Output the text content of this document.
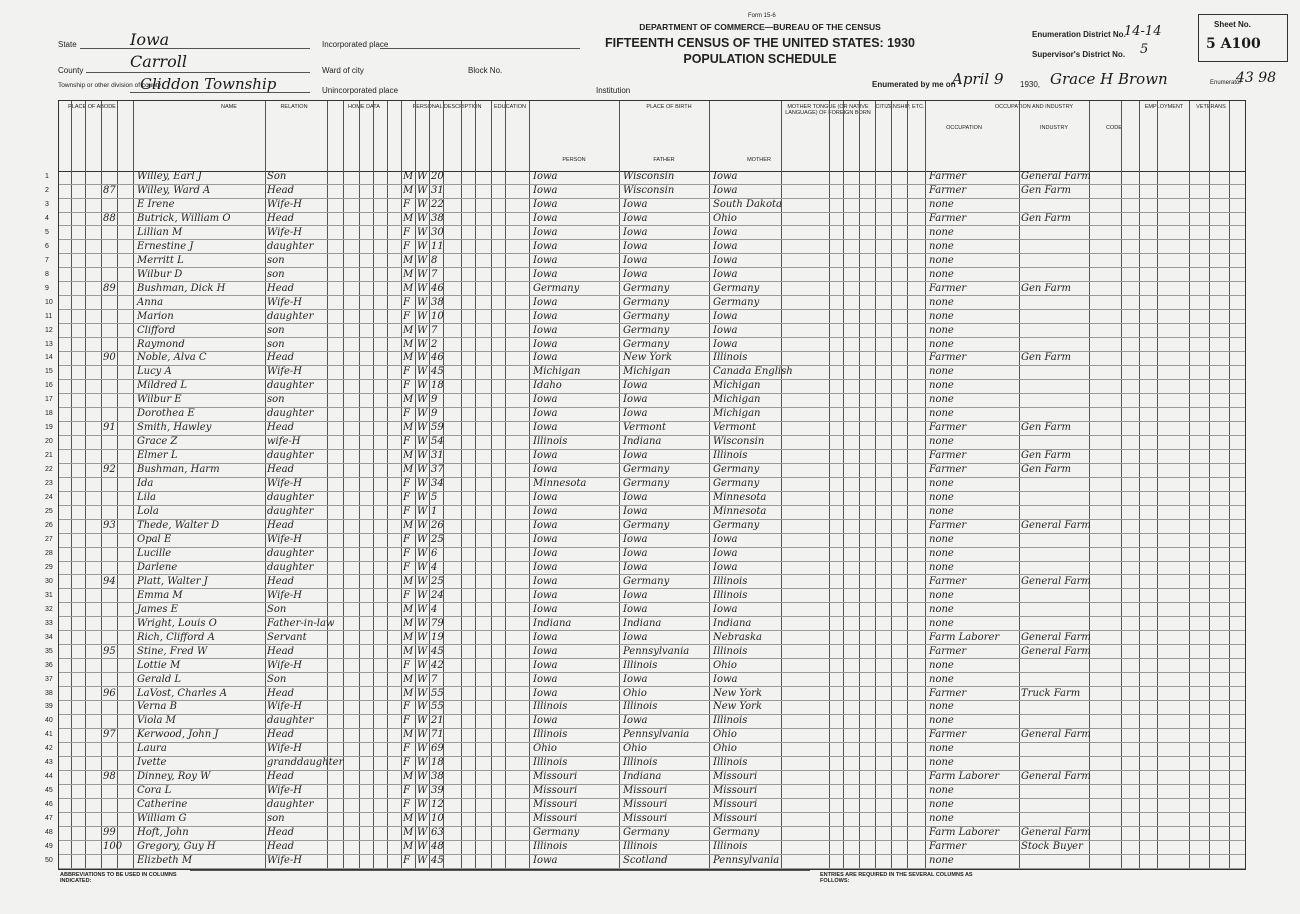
State	Iowa
County	Carroll
Township or other division of county
Gliddon Township
Incorporated place
Ward of city	Block No.
Unincorporated place	Institution
Form 15-6
DEPARTMENT OF COMMERCE—BUREAU OF THE CENSUS
FIFTEENTH CENSUS OF THE UNITED STATES: 1930
POPULATION SCHEDULE
Enumeration District No.
14-14
Supervisor's District No. 5
Enumerated by me on
April 9 1930, Grace H Brown	Enumerator
Sheet No.
5 A100
43 98
PLACE OF ABODE	NAME	RELATION	HOME DATA	PERSONAL DESCRIPTION	EDUCATION	PLACE OF BIRTH
PERSON	FATHER	MOTHER
MOTHER TONGUE (OR NATIVE LANGUAGE) OF FOREIGN BORN
CITIZENSHIP, ETC.	OCCUPATION AND INDUSTRY
OCCUPATION	INDUSTRY	CODE
EMPLOYMENT	VETERANS
1	Willey, Earl J	Son	M W 20	Iowa	Wisconsin	Iowa	Farmer	General Farm
2	87 Willey, Ward A	Head	M W 31	Iowa	Wisconsin	Iowa	Farmer	Gen Farm
3	E Irene	Wife-H	F W 22	Iowa	Iowa	South Dakota	none
4	88 Butrick, William O	Head	M W 38	Iowa	Iowa	Ohio	Farmer	Gen Farm
5	Lillian M	Wife-H	F W 30	Iowa	Iowa	Iowa	none
6	Ernestine J	daughter	F W 11	Iowa	Iowa	Iowa	none
7	Merritt L	son	M W 8	Iowa	Iowa	Iowa	none
8	Wilbur D	son	M W 7	Iowa	Iowa	Iowa	none
9	89 Bushman, Dick H	Head	M W 46	Germany	Germany	Germany	Farmer	Gen Farm
10	Anna	Wife-H	F W 38	Iowa	Germany	Germany	none
11	Marion	daughter	F W 10	Iowa	Germany	Iowa	none
12	Clifford	son	M W 7	Iowa	Germany	Iowa	none
13	Raymond	son	M W 2	Iowa	Germany	Iowa	none
14	90 Noble, Alva C	Head	M W 46	Iowa	New York	Illinois	Farmer	Gen Farm
15	Lucy A	Wife-H	F W 45	Michigan	Michigan	Canada English	none
16	Mildred L	daughter	F W 18	Idaho	Iowa	Michigan	none
17	Wilbur E	son	M W 9	Iowa	Iowa	Michigan	none
18	Dorothea E	daughter	F W 9	Iowa	Iowa	Michigan	none
19	91 Smith, Hawley	Head	M W 59	Iowa	Vermont	Vermont	Farmer	Gen Farm
20	Grace Z	wife-H	F W 54	Illinois	Indiana	Wisconsin	none
21	Elmer L	daughter	M W 31	Iowa	Iowa	Illinois	Farmer	Gen Farm
22	92 Bushman, Harm	Head	M W 37	Iowa	Germany	Germany	Farmer	Gen Farm
23	Ida	Wife-H	F W 34	Minnesota	Germany	Germany	none
24	Lila	daughter	F W 5	Iowa	Iowa	Minnesota	none
25	Lola	daughter	F W 1	Iowa	Iowa	Minnesota	none
26	93 Thede, Walter D	Head	M W 26	Iowa	Germany	Germany	Farmer	General Farm
27	Opal E	Wife-H	F W 25	Iowa	Iowa	Iowa	none
28	Lucille	daughter	F W 6	Iowa	Iowa	Iowa	none
29	Darlene	daughter	F W 4	Iowa	Iowa	Iowa	none
30	94 Platt, Walter J	Head	M W 25	Iowa	Germany	Illinois	Farmer	General Farm
31	Emma M	Wife-H	F W 24	Iowa	Iowa	Illinois	none
32	James E	Son	M W 4	Iowa	Iowa	Iowa	none
33	Wright, Louis O	Father-in-law	M W 79	Indiana	Indiana	Indiana	none
34	Rich, Clifford A	Servant	M W 19	Iowa	Iowa	Nebraska	Farm Laborer	General Farm
35	95 Stine, Fred W	Head	M W 45	Iowa	Pennsylvania	Illinois	Farmer	General Farm
36	Lottie M	Wife-H	F W 42	Iowa	Illinois	Ohio	none
37	Gerald L	Son	M W 7	Iowa	Iowa	Iowa	none
38	96 LaVost, Charles A	Head	M W 55	Iowa	Ohio	New York	Farmer	Truck Farm
39	Verna B	Wife-H	F W 55	Illinois	Illinois	New York	none
40	Viola M	daughter	F W 21	Iowa	Iowa	Illinois	none
41	97 Kerwood, John J	Head	M W 71	Illinois	Pennsylvania	Ohio	Farmer	General Farm
42	Laura	Wife-H	F W 69	Ohio	Ohio	Ohio	none
43	Ivette	granddaughter	F W 18	Illinois	Illinois	Illinois	none
44	98 Dinney, Roy W	Head	M W 38	Missouri	Indiana	Missouri	Farm Laborer	General Farm
45	Cora L	Wife-H	F W 39	Missouri	Missouri	Missouri	none
46	Catherine	daughter	F W 12	Missouri	Missouri	Missouri	none
47	William G	son	M W 10	Missouri	Missouri	Missouri	none
48	99 Hoft, John	Head	M W 63	Germany	Germany	Germany	Farm Laborer	General Farm
49	100 Gregory, Guy H	Head	M W 48	Illinois	Illinois	Illinois	Farmer	Stock Buyer
50	Elizbeth M	Wife-H	F W 45	Iowa	Scotland	Pennsylvania	none
ABBREVIATIONS TO BE USED IN COLUMNS INDICATED:
ENTRIES ARE REQUIRED IN THE SEVERAL COLUMNS AS FOLLOWS:
